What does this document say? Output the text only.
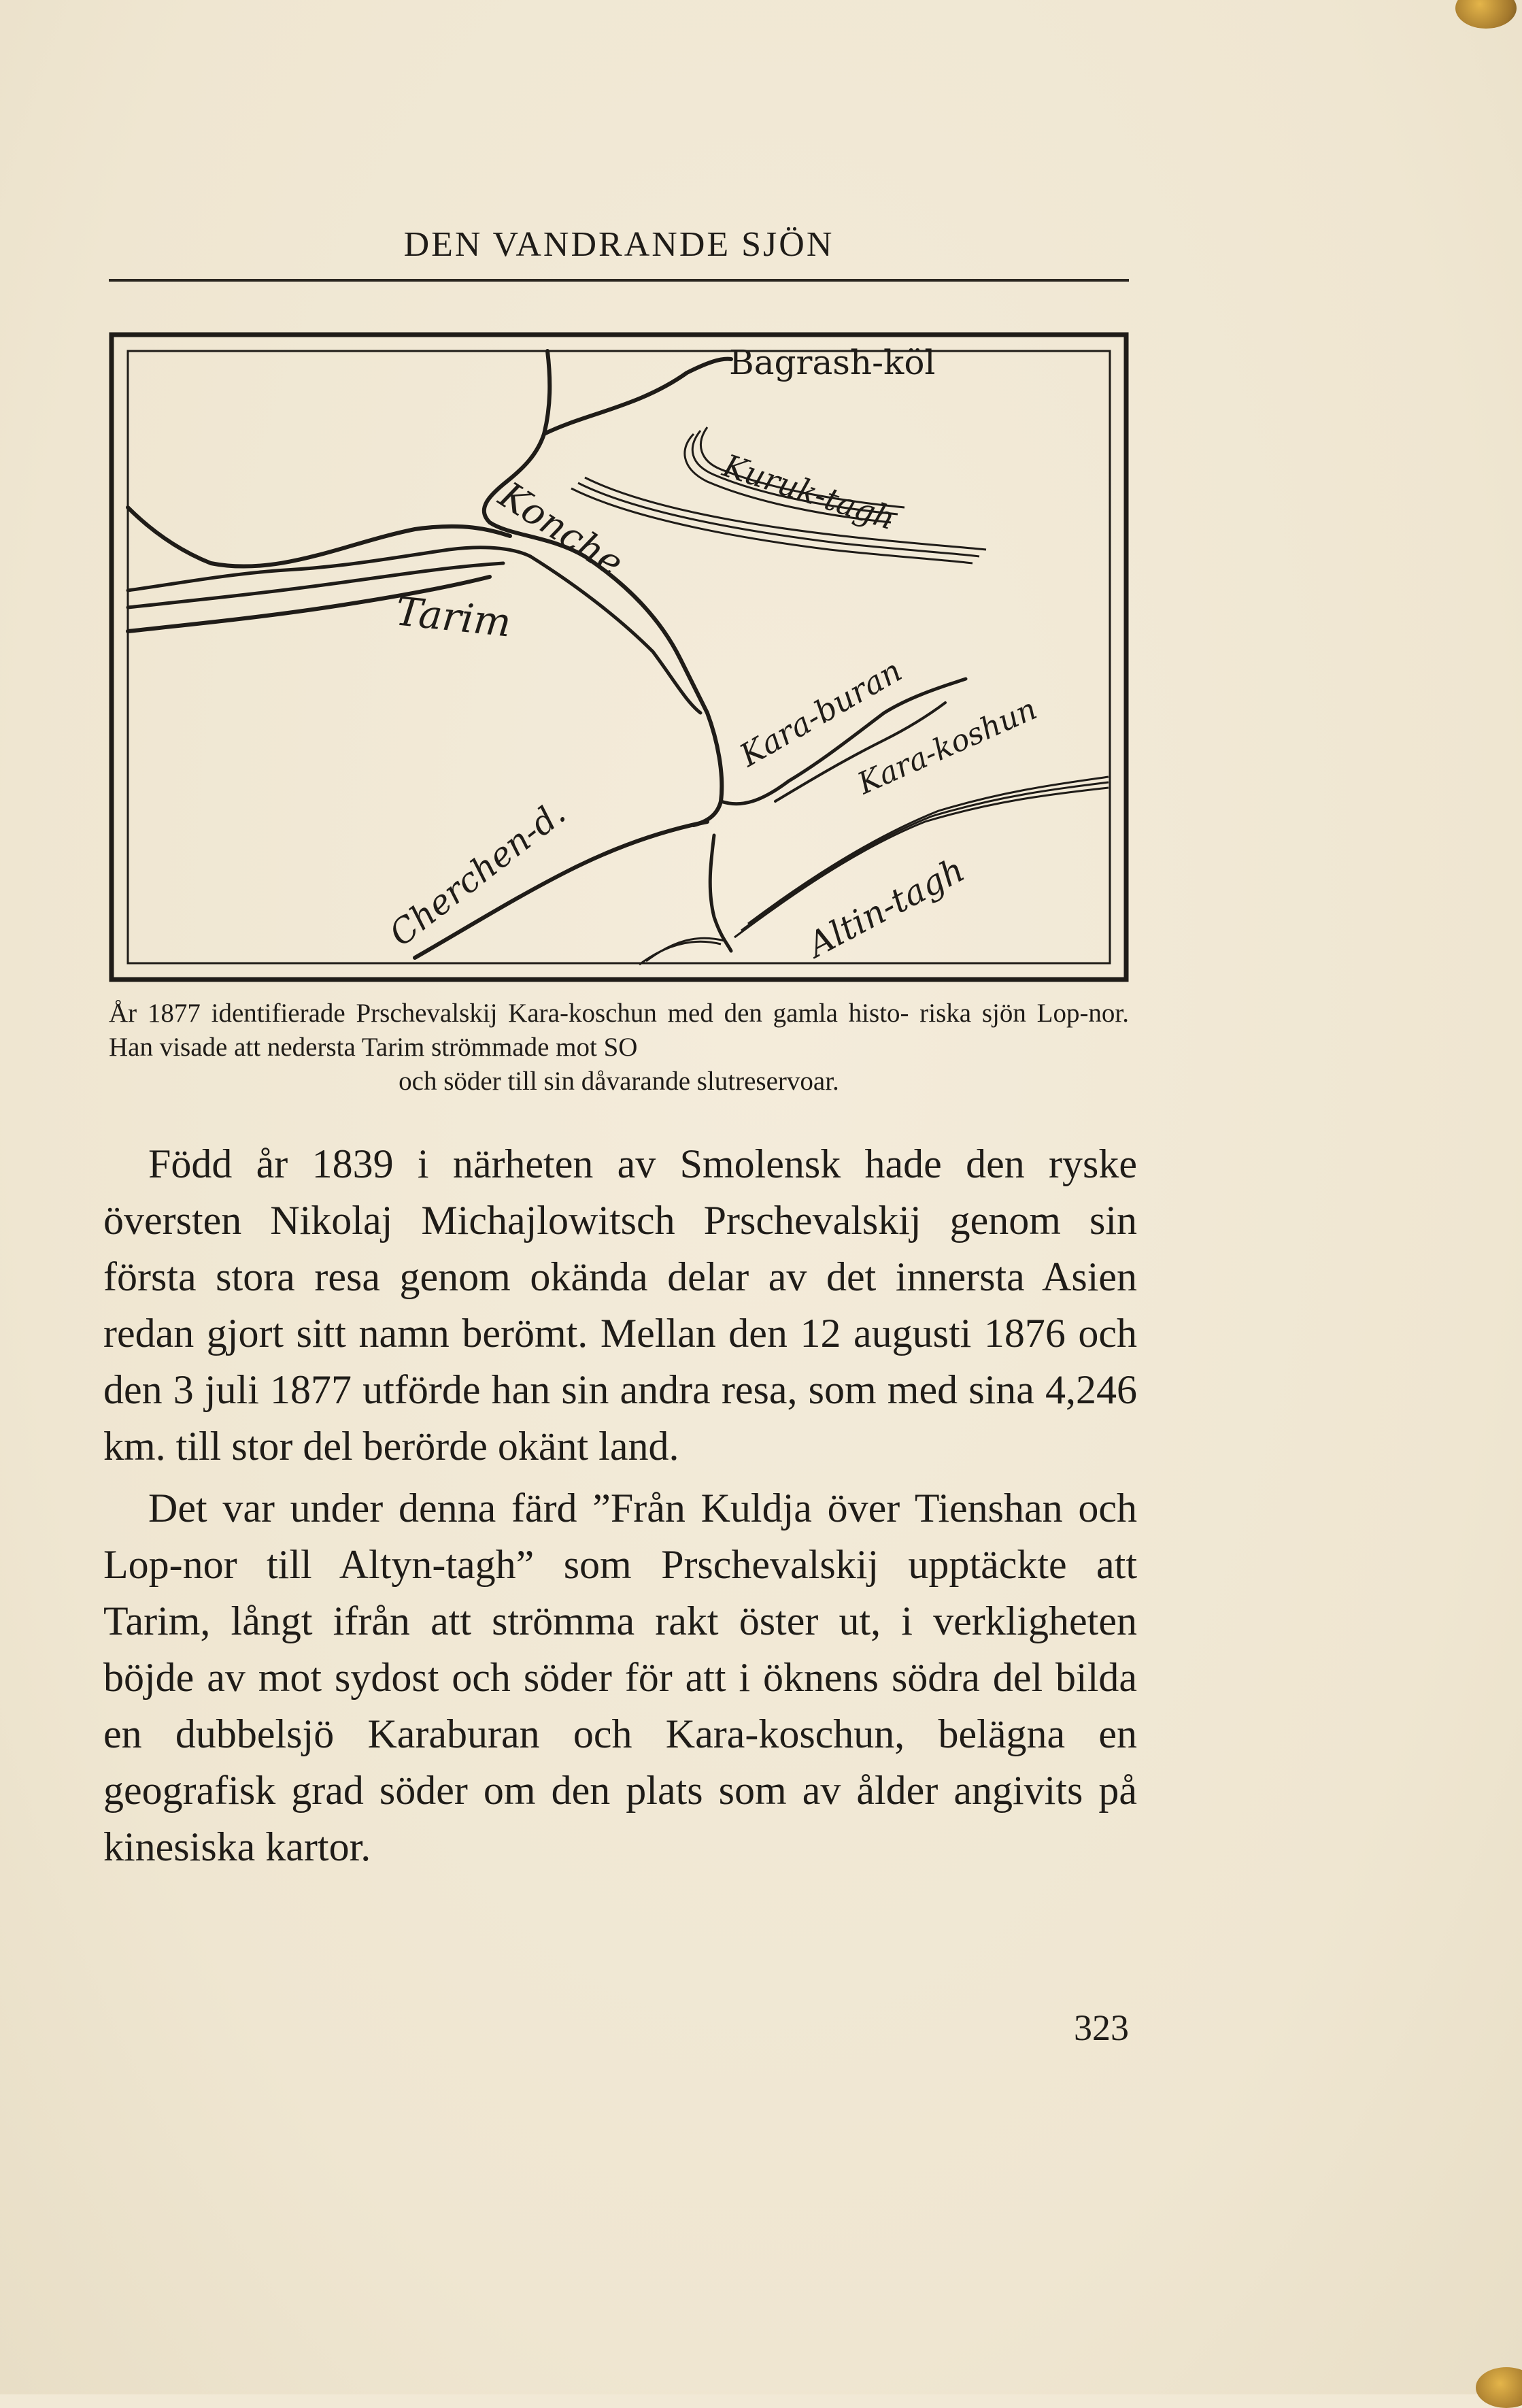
DEN VANDRANDE SJÖN
Bagrash-köl
Kuruk-tagh
Konche
Tarim
Kara-buran
Kara-koshun
Cherchen-d.	Altin-tagh
År 1877 identifierade Prschevalskij Kara-koschun med den gamla histo- riska sjön Lop-nor. Han visade att nedersta Tarim strömmade mot SO
och söder till sin dåvarande slutreservoar.

Född år 1839 i närheten av Smolensk hade den ryske översten Nikolaj Michajlowitsch Prschevalskij genom sin första stora resa genom okända delar av det innersta Asien redan gjort sitt namn berömt. Mellan den 12 augusti 1876 och den 3 juli 1877 utförde han sin andra resa, som med sina 4,246 km. till stor del berörde okänt land.

Det var under denna färd ”Från Kuldja över Tienshan och Lop-nor till Altyn-tagh” som Prschevalskij upptäckte att Tarim, långt ifrån att strömma rakt öster ut, i verkligheten böjde av mot sydost och söder för att i öknens södra del bilda en dubbelsjö Karaburan och Kara-koschun, belägna en geografisk grad söder om den plats som av ålder angivits på kinesiska kartor.

323
